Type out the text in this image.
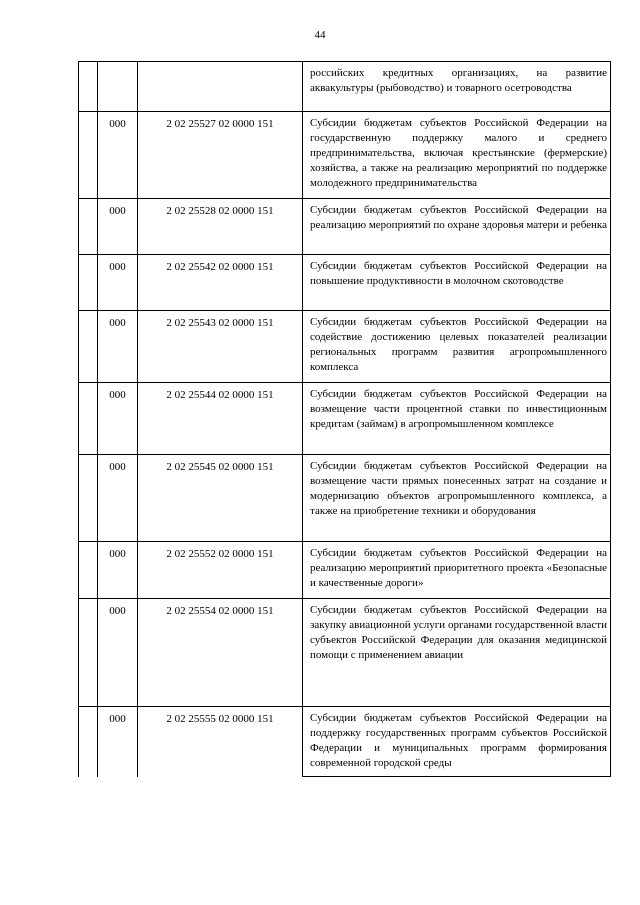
44
			российских кредитных организациях, на развитие аквакультуры (рыбоводство) и товарного осетроводства
	000	2 02 25527 02 0000 151	Субсидии бюджетам субъектов Российской Федерации на государственную поддержку малого и среднего предпринимательства, включая крестьянские (фермерские) хозяйства, а также на реализацию мероприятий по поддержке молодежного предпринимательства
	000	2 02 25528 02 0000 151	Субсидии бюджетам субъектов Российской Федерации на реализацию мероприятий по охране здоровья матери и ребенка
	000	2 02 25542 02 0000 151	Субсидии бюджетам субъектов Российской Федерации на повышение продуктивности в молочном скотоводстве
	000	2 02 25543 02 0000 151	Субсидии бюджетам субъектов Российской Федерации на содействие достижению целевых показателей реализации региональных программ развития агропромышленного комплекса
	000	2 02 25544 02 0000 151	Субсидии бюджетам субъектов Российской Федерации на возмещение части процентной ставки по инвестиционным кредитам (займам) в агропромышленном комплексе
	000	2 02 25545 02 0000 151	Субсидии бюджетам субъектов Российской Федерации на возмещение части прямых понесенных затрат на создание и модернизацию объектов агропромышленного комплекса, а также на приобретение техники и оборудования
	000	2 02 25552 02 0000 151	Субсидии бюджетам субъектов Российской Федерации на реализацию мероприятий приоритетного проекта «Безопасные и качественные дороги»
	000	2 02 25554 02 0000 151	Субсидии бюджетам субъектов Российской Федерации на закупку авиационной услуги органами государственной власти субъектов Российской Федерации для оказания медицинской помощи с применением авиации
	000	2 02 25555 02 0000 151	Субсидии бюджетам субъектов Российской Федерации на поддержку государственных программ субъектов Российской Федерации и муниципальных программ формирования современной городской среды
